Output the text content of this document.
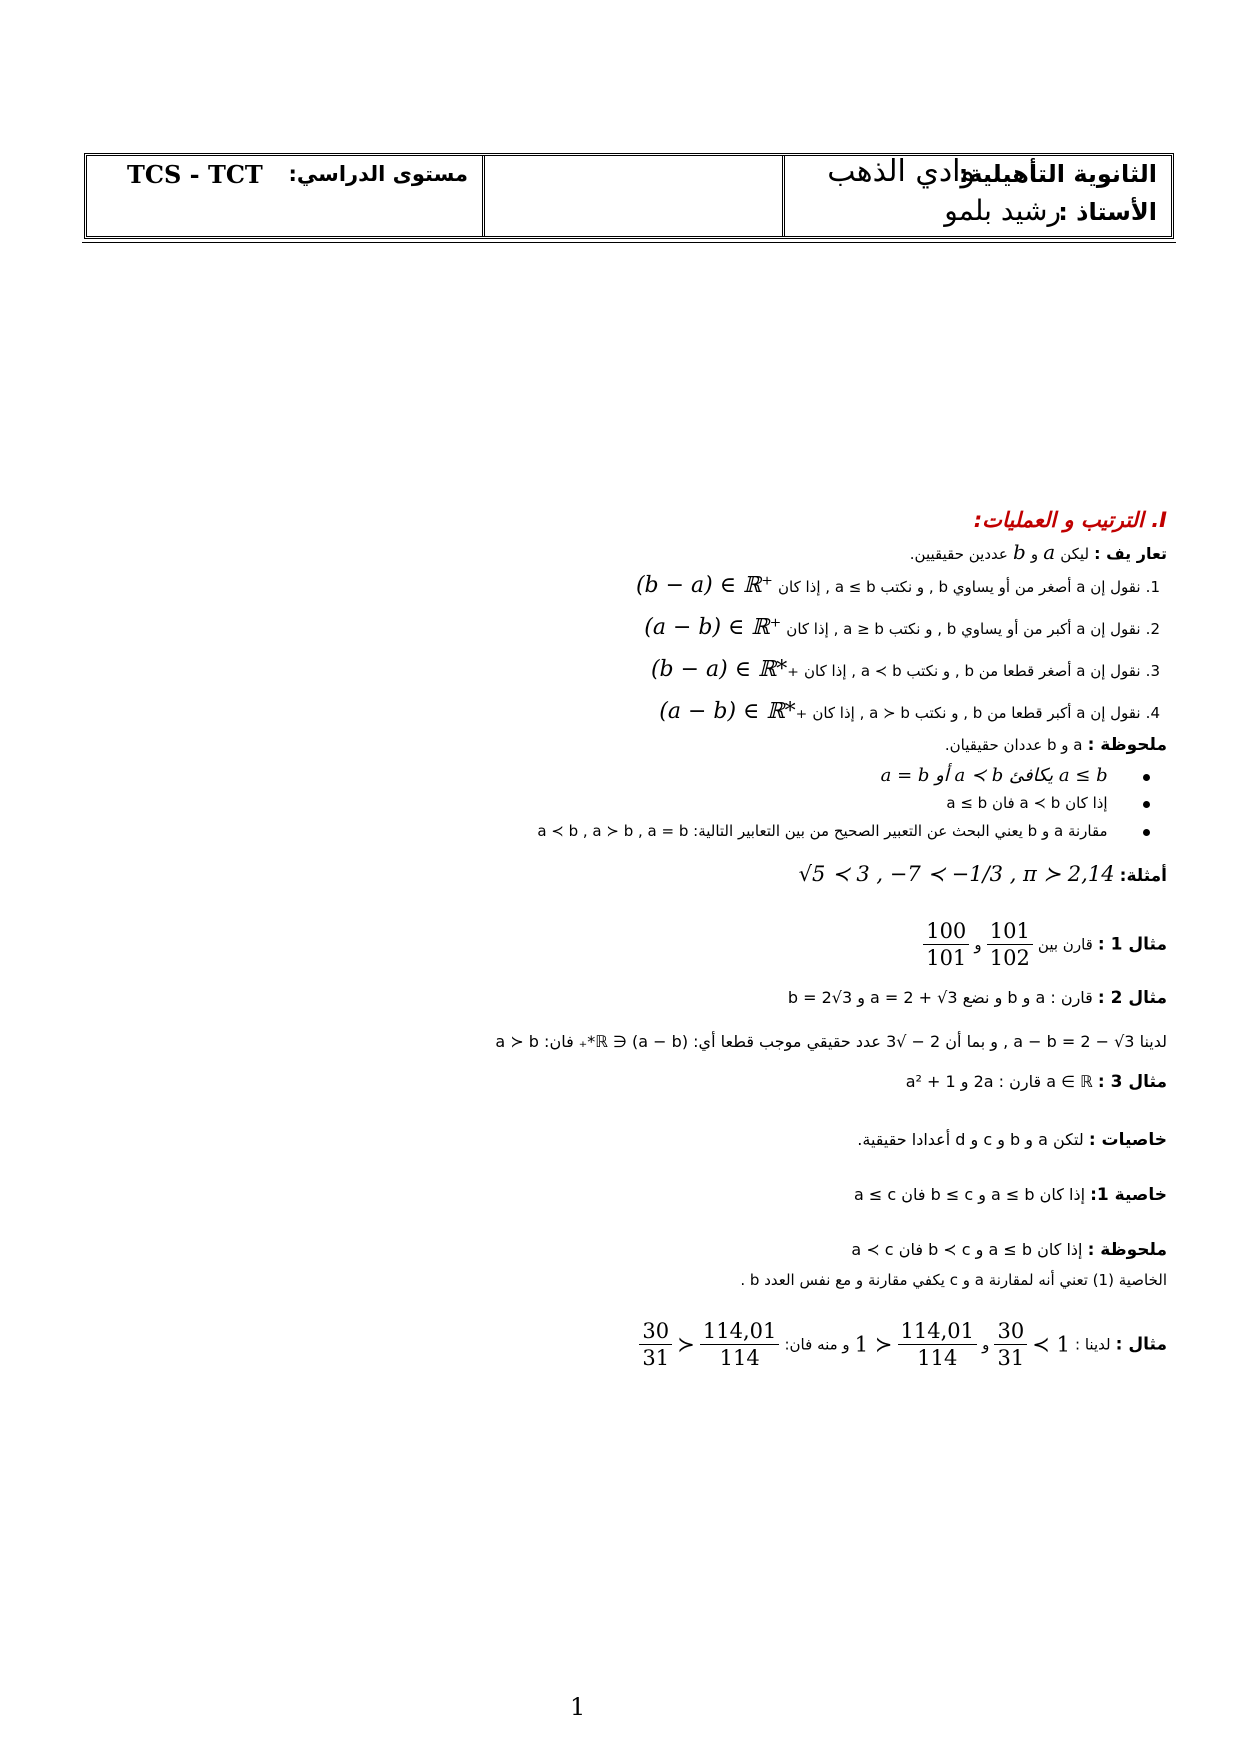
الثانوية التأهيلية:
وادي الذهب
الأستاذ :
رشيد بلمو
مستوى الدراسي:
TCS - TCT
I. الترتيب و العمليات:
تعار يف : ليكن a و b عددين حقيقيين.
1. نقول إن a أصغر من أو يساوي b , و نكتب a ≤ b , إذا كان (b − a) ∈ ℝ⁺
2. نقول إن a أكبر من أو يساوي b , و نكتب a ≥ b , إذا كان (a − b) ∈ ℝ⁺
3. نقول إن a أصغر قطعا من b , و نكتب a ≺ b , إذا كان (b − a) ∈ ℝ*₊
4. نقول إن a أكبر قطعا من b , و نكتب a ≻ b , إذا كان (a − b) ∈ ℝ*₊
ملحوظة : a و b عددان حقيقيان.
a ≤ b يكافئ a ≺ b أو a = b
إذا كان a ≺ b فان a ≤ b
مقارنة a و b يعني البحث عن التعبير الصحيح من بين التعابير التالية: a ≺ b , a ≻ b , a = b
أمثلة: √5 ≺ 3 , −7 ≺ −1/3 , π ≻ 2,14
مثال 1 : قارن بين
$\frac{101}{102}$
و
$\frac{100}{101}$
مثال 2 : قارن : a و b و نضع a = 2 + √3 و b = 2√3
لدينا a − b = 2 − √3 , و بما أن 2 − √3 عدد حقيقي موجب قطعا أي: (a − b) ∈ ℝ*₊ فان: a ≻ b
مثال 3 : a ∈ ℝ قارن : 2a و a² + 1
خاصيات : لتكن a و b و c و d أعدادا حقيقية.
خاصية 1: إذا كان a ≤ b و b ≤ c فان a ≤ c
ملحوظة : إذا كان a ≤ b و b ≺ c فان a ≺ c
الخاصية (1) تعني أنه لمقارنة a و c يكفي مقارنة و مع نفس العدد b .
مثال : لدينا : 1 ≻
$\frac{30}{31}$
و
$\frac{114,01}{114}$
≺ 1 و منه فان:
$\frac{114,01}{114}$
≺
$\frac{30}{31}$
1
